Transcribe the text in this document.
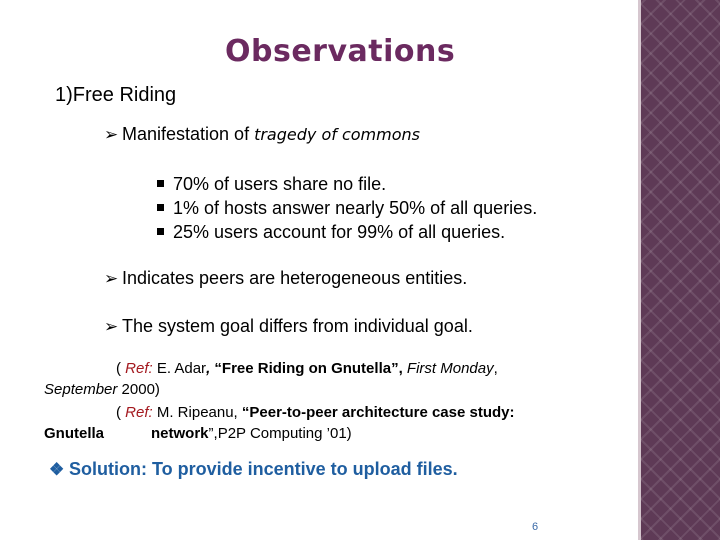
Observations
1)Free Riding
➢ Manifestation of tragedy of commons
70% of users share no file.
1% of hosts answer nearly 50% of all queries.
25% users account for 99% of all queries.
➢ Indicates peers are heterogeneous entities.
➢ The system goal differs from individual goal.
( Ref: E. Adar, “Free Riding on Gnutella”, First Monday,
September 2000)
( Ref: M. Ripeanu, “Peer-to-peer architecture case study:
Gnutella	network”,P2P Computing ’01)
❖ Solution: To provide incentive to upload files.
6
